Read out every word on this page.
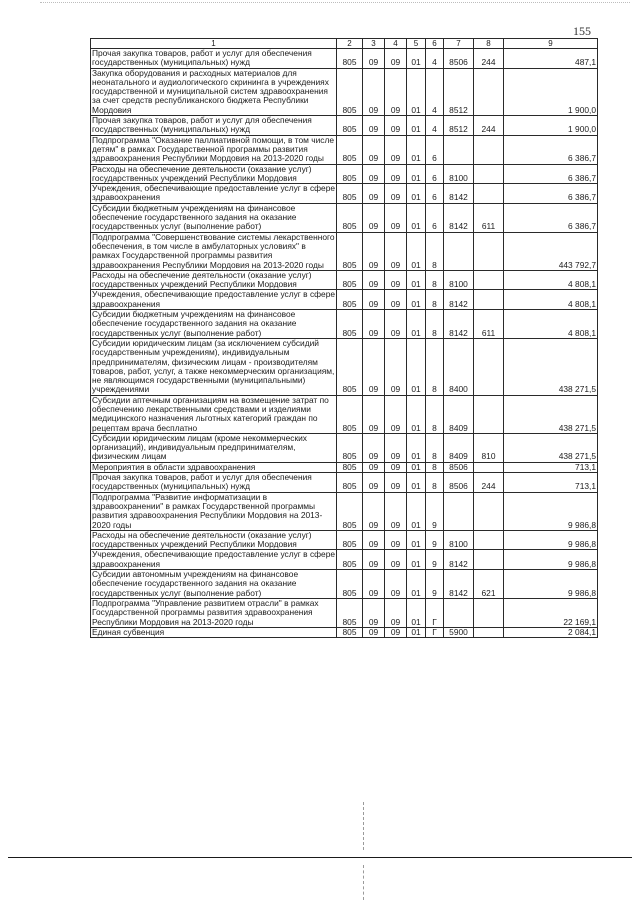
155
1	2	3	4	5	6	7	8	9
Прочая закупка товаров, работ и услуг для обеспечения государственных (муниципальных) нужд	805	09	09	01	4	8506	244	487,1
Закупка оборудования и расходных материалов для неонатального и аудиологического скрининга в учреждениях государственной и муниципальной систем здравоохранения за счет средств республиканского бюджета Республики Мордовия	805	09	09	01	4	8512		1 900,0
Прочая закупка товаров, работ и услуг для обеспечения государственных (муниципальных) нужд	805	09	09	01	4	8512	244	1 900,0
Подпрограмма "Оказание паллиативной помощи, в том числе детям" в рамках Государственной программы развития здравоохранения Республики Мордовия на 2013-2020 годы	805	09	09	01	6			6 386,7
Расходы на обеспечение деятельности (оказание услуг) государственных учреждений Республики Мордовия	805	09	09	01	6	8100		6 386,7
Учреждения, обеспечивающие предоставление услуг в сфере здравоохранения	805	09	09	01	6	8142		6 386,7
Субсидии бюджетным учреждениям на финансовое обеспечение государственного задания на оказание государственных услуг (выполнение работ)	805	09	09	01	6	8142	611	6 386,7
Подпрограмма "Совершенствование системы лекарственного обеспечения, в том числе в амбулаторных условиях" в рамках Государственной программы развития здравоохранения Республики Мордовия на 2013-2020 годы	805	09	09	01	8			443 792,7
Расходы на обеспечение деятельности (оказание услуг) государственных учреждений Республики Мордовия	805	09	09	01	8	8100		4 808,1
Учреждения, обеспечивающие предоставление услуг в сфере здравоохранения	805	09	09	01	8	8142		4 808,1
Субсидии бюджетным учреждениям на финансовое обеспечение государственного задания на оказание государственных услуг (выполнение работ)	805	09	09	01	8	8142	611	4 808,1
Субсидии юридическим лицам (за исключением субсидий государственным учреждениям), индивидуальным предпринимателям, физическим лицам - производителям товаров, работ, услуг, а также некоммерческим организациям, не являющимся государственными (муниципальными) учреждениями	805	09	09	01	8	8400		438 271,5
Субсидии аптечным организациям на возмещение затрат по обеспечению лекарственными средствами и изделиями медицинского назначения льготных категорий граждан по рецептам врача бесплатно	805	09	09	01	8	8409		438 271,5
Субсидии юридическим лицам (кроме некоммерческих организаций), индивидуальным предпринимателям, физическим лицам	805	09	09	01	8	8409	810	438 271,5
Мероприятия в области здравоохранения	805	09	09	01	8	8506		713,1
Прочая закупка товаров, работ и услуг для обеспечения государственных (муниципальных) нужд	805	09	09	01	8	8506	244	713,1
Подпрограмма "Развитие информатизации в здравоохранении" в рамках Государственной программы развития здравоохранения Республики Мордовия на 2013-2020 годы	805	09	09	01	9			9 986,8
Расходы на обеспечение деятельности (оказание услуг) государственных учреждений Республики Мордовия	805	09	09	01	9	8100		9 986,8
Учреждения, обеспечивающие предоставление услуг в сфере здравоохранения	805	09	09	01	9	8142		9 986,8
Субсидии автономным учреждениям на финансовое обеспечение государственного задания на оказание государственных услуг (выполнение работ)	805	09	09	01	9	8142	621	9 986,8
Подпрограмма "Управление развитием отрасли" в рамках Государственной программы развития здравоохранения Республики Мордовия на 2013-2020 годы	805	09	09	01	Г			22 169,1
Единая субвенция	805	09	09	01	Г	5900		2 084,1
